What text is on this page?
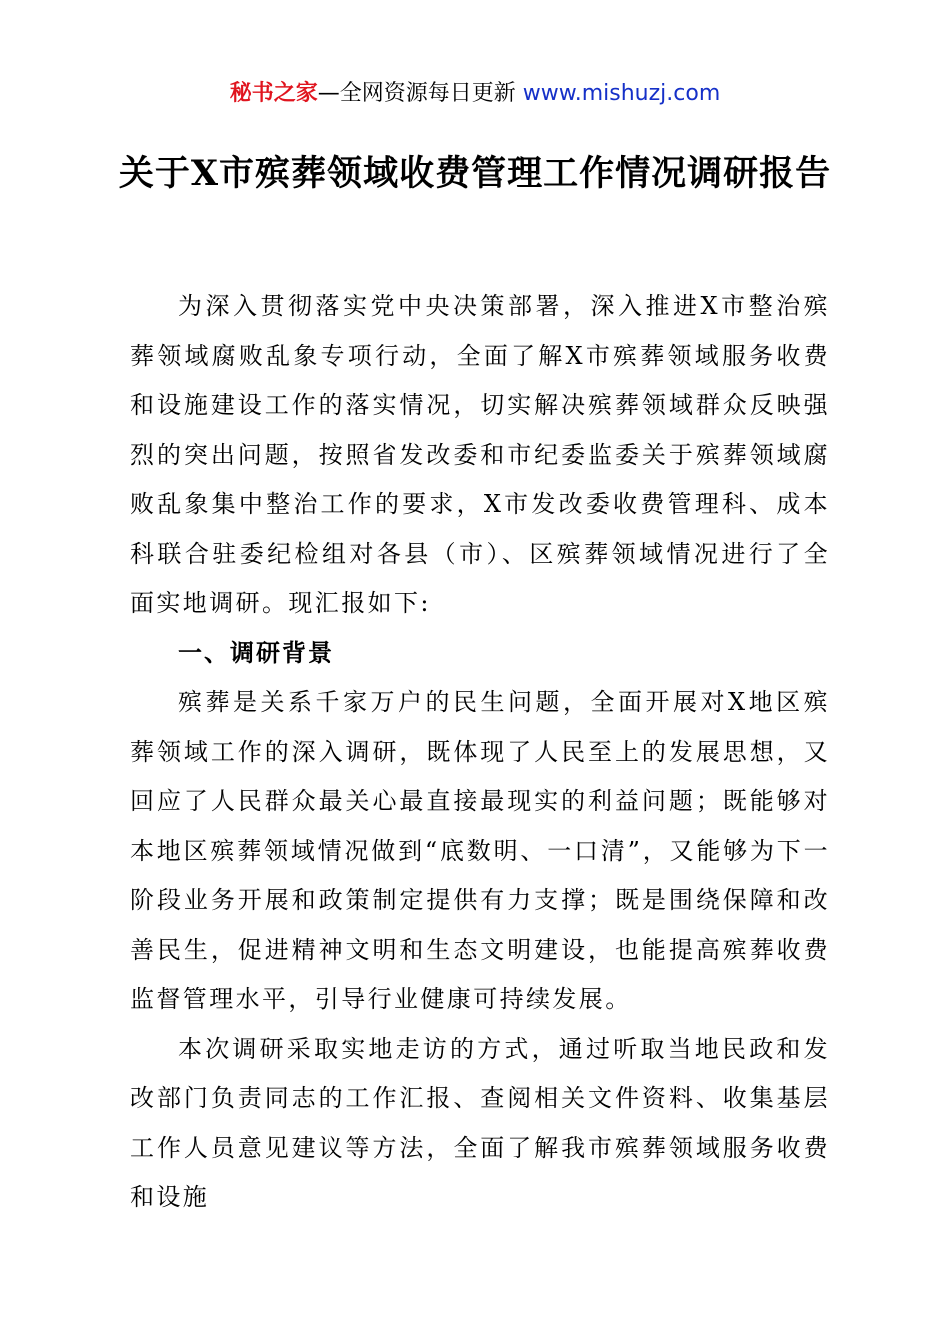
秘书之家—全网资源每日更新 www.mishuzj.com
关于X市殡葬领域收费管理工作情况调研报告

为深入贯彻落实党中央决策部署，深入推进X市整治殡葬领域腐败乱象专项行动，全面了解X市殡葬领域服务收费和设施建设工作的落实情况，切实解决殡葬领域群众反映强烈的突出问题，按照省发改委和市纪委监委关于殡葬领域腐败乱象集中整治工作的要求，X市发改委收费管理科、成本科联合驻委纪检组对各县（市）、区殡葬领域情况进行了全面实地调研。现汇报如下:

一、调研背景

殡葬是关系千家万户的民生问题，全面开展对X地区殡葬领域工作的深入调研，既体现了人民至上的发展思想，又回应了人民群众最关心最直接最现实的利益问题；既能够对本地区殡葬领域情况做到“底数明、一口清”，又能够为下一阶段业务开展和政策制定提供有力支撑；既是围绕保障和改善民生，促进精神文明和生态文明建设，也能提高殡葬收费监督管理水平，引导行业健康可持续发展。

本次调研采取实地走访的方式，通过听取当地民政和发改部门负责同志的工作汇报、查阅相关文件资料、收集基层工作人员意见建议等方法，全面了解我市殡葬领域服务收费和设施
